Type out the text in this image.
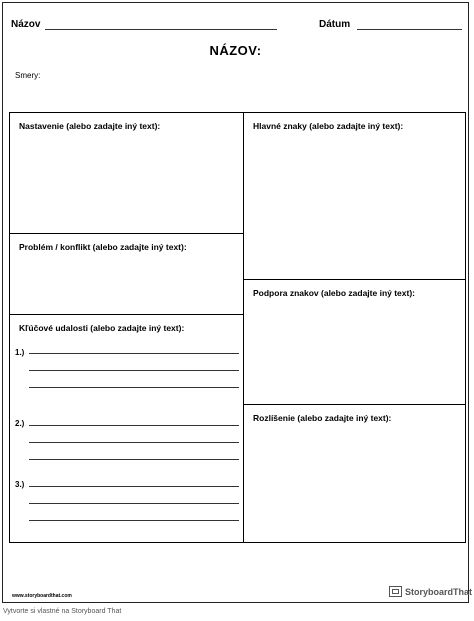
Názov	Dátum
NÁZOV:
Smery:
Nastavenie (alebo zadajte iný text):
Problém / konflikt (alebo zadajte iný text):
Kľúčové udalosti (alebo zadajte iný text):
1.)
2.)
3.)
Hlavné znaky (alebo zadajte iný text):
Podpora znakov (alebo zadajte iný text):
Rozlíšenie (alebo zadajte iný text):
www.storyboardthat.com	StoryboardThat
Vytvorte si vlastné na Storyboard That
